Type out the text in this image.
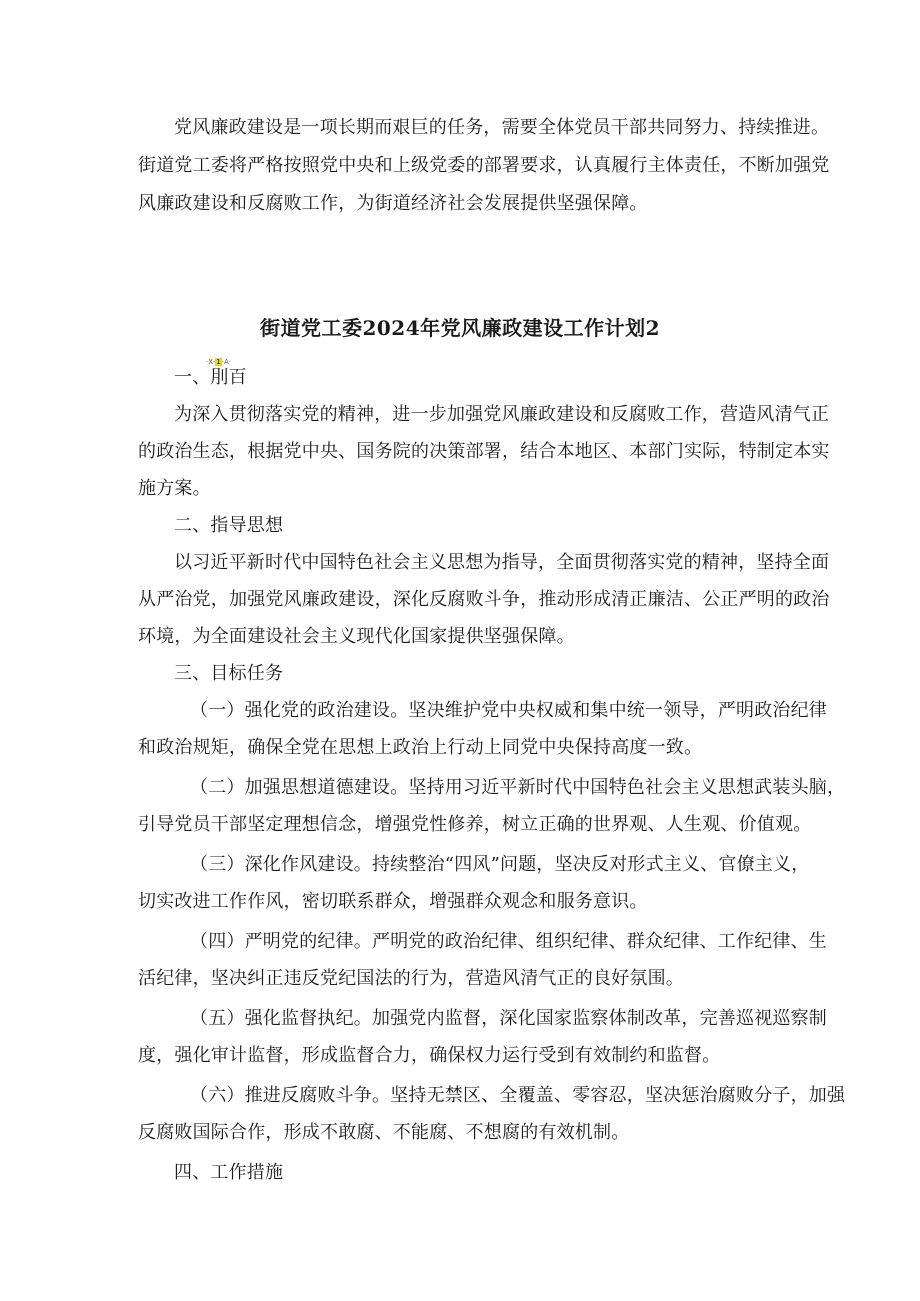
党风廉政建设是一项长期而艰巨的任务，需要全体党员干部共同努力、持续推进。

街道党工委将严格按照党中央和上级党委的部署要求，认真履行主体责任，不断加强党

风廉政建设和反腐败工作，为街道经济社会发展提供坚强保障。

街道党工委2024年党风廉政建设工作计划2
·X·1·A·

一、刖百

为深入贯彻落实党的精神，进一步加强党风廉政建设和反腐败工作，营造风清气正

的政治生态，根据党中央、国务院的决策部署，结合本地区、本部门实际，特制定本实

施方案。

二、指导思想

以习近平新时代中国特色社会主义思想为指导，全面贯彻落实党的精神，坚持全面

从严治党，加强党风廉政建设，深化反腐败斗争，推动形成清正廉洁、公正严明的政治

环境，为全面建设社会主义现代化国家提供坚强保障。

三、目标任务

（一）强化党的政治建设。坚决维护党中央权威和集中统一领导，严明政治纪律

和政治规矩，确保全党在思想上政治上行动上同党中央保持高度一致。

（二）加强思想道德建设。坚持用习近平新时代中国特色社会主义思想武装头脑，

引导党员干部坚定理想信念，增强党性修养，树立正确的世界观、人生观、价值观。

（三）深化作风建设。持续整治“四风”问题，坚决反对形式主义、官僚主义，

切实改进工作作风，密切联系群众，增强群众观念和服务意识。

（四）严明党的纪律。严明党的政治纪律、组织纪律、群众纪律、工作纪律、生

活纪律，坚决纠正违反党纪国法的行为，营造风清气正的良好氛围。

（五）强化监督执纪。加强党内监督，深化国家监察体制改革，完善巡视巡察制

度，强化审计监督，形成监督合力，确保权力运行受到有效制约和监督。

（六）推进反腐败斗争。坚持无禁区、全覆盖、零容忍，坚决惩治腐败分子，加强

反腐败国际合作，形成不敢腐、不能腐、不想腐的有效机制。

四、工作措施
